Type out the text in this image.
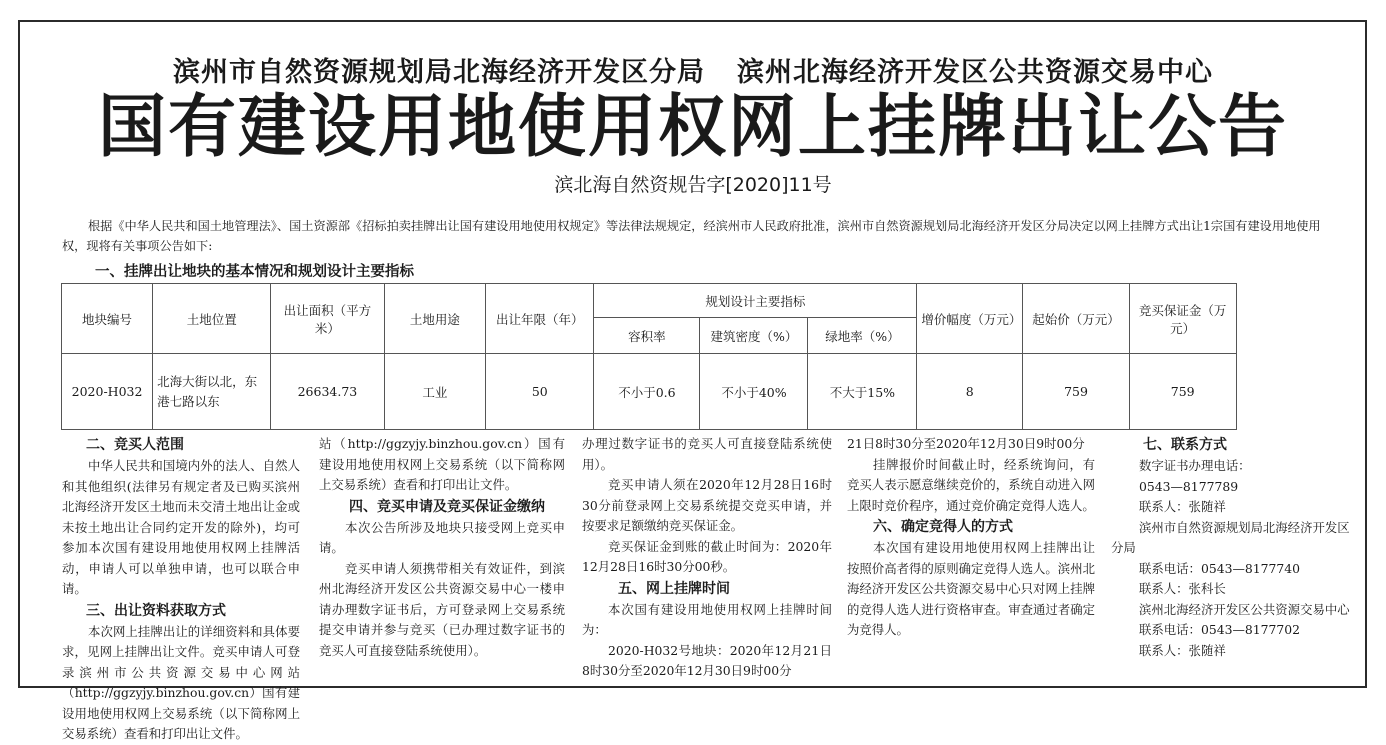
滨州市自然资源规划局北海经济开发区分局 滨州北海经济开发区公共资源交易中心
国有建设用地使用权网上挂牌出让公告
滨北海自然资规告字[2020]11号
根据《中华人民共和国土地管理法》、国土资源部《招标拍卖挂牌出让国有建设用地使用权规定》等法律法规规定，经滨州市人民政府批准，滨州市自然资源规划局北海经济开发区分局决定以网上挂牌方式出让1宗国有建设用地使用权，现将有关事项公告如下:
一、挂牌出让地块的基本情况和规划设计主要指标
地块编号	土地位置	出让面积（平方米）	土地用途	出让年限（年）	规划设计主要指标			增价幅度（万元）	起始价（万元）	竞买保证金（万元）
					容积率	建筑密度（%）	绿地率（%）			
2020-H032	北海大街以北，东港七路以东	26634.73	工业	50	不小于0.6	不小于40%	不大于15%	8	759	759
二、竞买人范围

中华人民共和国境内外的法人、自然人和其他组织(法律另有规定者及已购买滨州北海经济开发区土地而未交清土地出让金或未按土地出让合同约定开发的除外)，均可参加本次国有建设用地使用权网上挂牌活动，申请人可以单独申请，也可以联合申请。

三、出让资料获取方式

本次网上挂牌出让的详细资料和具体要求，见网上挂牌出让文件。竞买申请人可登录滨州市公共资源交易中心网站（http://ggzyjy.binzhou.gov.cn）国有建设用地使用权网上交易系统（以下简称网上交易系统）查看和打印出让文件。

站（http://ggzyjy.binzhou.gov.cn）国有建设用地使用权网上交易系统（以下简称网上交易系统）查看和打印出让文件。

四、竞买申请及竞买保证金缴纳

本次公告所涉及地块只接受网上竞买申请。

竞买申请人须携带相关有效证件，到滨州北海经济开发区公共资源交易中心一楼申请办理数字证书后，方可登录网上交易系统提交申请并参与竞买（已办理过数字证书的竞买人可直接登陆系统使用）。

办理过数字证书的竞买人可直接登陆系统使用）。

竞买申请人须在2020年12月28日16时30分前登录网上交易系统提交竞买申请，并按要求足额缴纳竞买保证金。

竞买保证金到账的截止时间为：2020年12月28日16时30分00秒。

五、网上挂牌时间

本次国有建设用地使用权网上挂牌时间为：

2020-H032号地块：2020年12月21日8时30分至2020年12月30日9时00分

21日8时30分至2020年12月30日9时00分

挂牌报价时间截止时，经系统询问，有竞买人表示愿意继续竞价的，系统自动进入网上限时竞价程序，通过竞价确定竞得人选人。

六、确定竞得人的方式

本次国有建设用地使用权网上挂牌出让按照价高者得的原则确定竞得人选人。滨州北海经济开发区公共资源交易中心只对网上挂牌的竞得人选人进行资格审查。审查通过者确定为竞得人。

七、联系方式
数字证书办理电话：
0543—8177789
联系人：张随祥
滨州市自然资源规划局北海经济开发区分局
联系电话：0543—8177740
联系人：张科长
滨州北海经济开发区公共资源交易中心
联系电话：0543—8177702
联系人：张随祥
